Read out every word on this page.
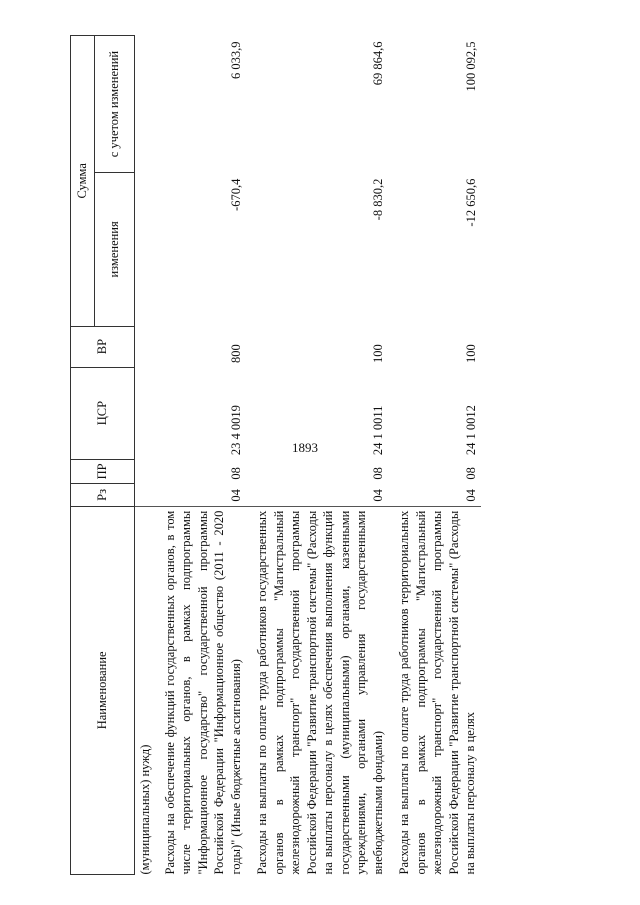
1893
Наименование	Рз	ПР	ЦСР	ВР	Сумма	
					изменения	с учетом изменений
(муниципальных) нужд)						
Расходы на обеспечение функций государственных органов, в том числе территориальных органов, в рамках подпрограммы "Информационное государство" государственной программы Российской Федерации "Информационное общество (2011 - 2020 годы)" (Иные бюджетные ассигнования)	04	08	23 4 0019	800	-670,4	6 033,9
Расходы на выплаты по оплате труда работников государственных органов в рамках подпрограммы "Магистральный железнодорожный транспорт" государственной программы Российской Федерации "Развитие транспортной системы" (Расходы на выплаты персоналу в целях обеспечения выполнения функций государственными (муниципальными) органами, казенными учреждениями, органами управления государственными внебюджетными фондами)	04	08	24 1 0011	100	-8 830,2	69 864,6
Расходы на выплаты по оплате труда работников территориальных органов в рамках подпрограммы "Магистральный железнодорожный транспорт" государственной программы Российской Федерации "Развитие транспортной системы" (Расходы на выплаты персоналу в целях	04	08	24 1 0012	100	-12 650,6	100 092,5
